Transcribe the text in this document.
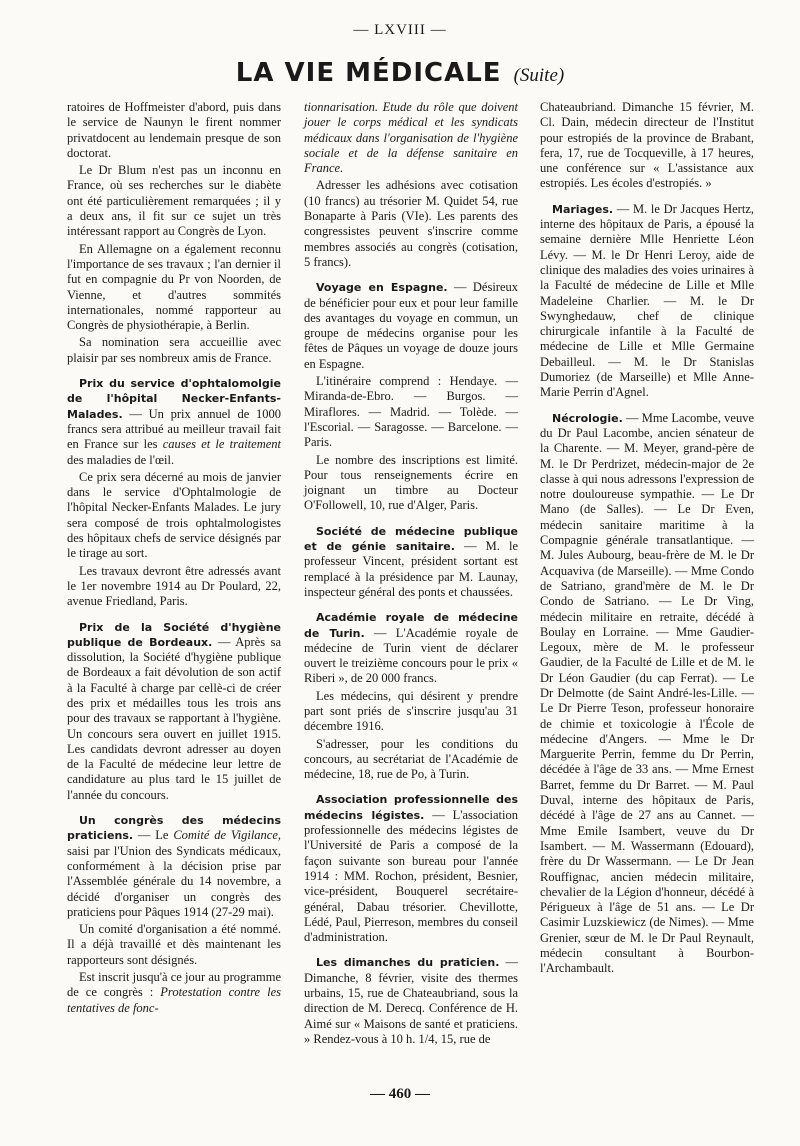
— LXVIII —
LA VIE MÉDICALE (Suite)

ratoires de Hoffmeister d'abord, puis dans le service de Naunyn le firent nommer privatdocent au lendemain presque de son doctorat.

Le Dr Blum n'est pas un inconnu en France, où ses recherches sur le diabète ont été particulièrement remarquées ; il y a deux ans, il fit sur ce sujet un très intéressant rapport au Congrès de Lyon.

En Allemagne on a également reconnu l'importance de ses travaux ; l'an dernier il fut en compagnie du Pr von Noorden, de Vienne, et d'autres sommités internationales, nommé rapporteur au Congrès de physiothérapie, à Berlin.

Sa nomination sera accueillie avec plaisir par ses nombreux amis de France.

Prix du service d'ophtalomolgie de l'hôpital Necker-Enfants-Malades. — Un prix annuel de 1000 francs sera attribué au meilleur travail fait en France sur les causes et le traitement des maladies de l'œil.

Ce prix sera décerné au mois de janvier dans le service d'Ophtalmologie de l'hôpital Necker-Enfants Malades. Le jury sera composé de trois ophtalmologistes des hôpitaux chefs de service désignés par le tirage au sort.

Les travaux devront être adressés avant le 1er novembre 1914 au Dr Poulard, 22, avenue Friedland, Paris.

Prix de la Société d'hygiène publique de Bordeaux. — Après sa dissolution, la Société d'hygiène publique de Bordeaux a fait dévolution de son actif à la Faculté à charge par cellè-ci de créer des prix et médailles tous les trois ans pour des travaux se rapportant à l'hygiène. Un concours sera ouvert en juillet 1915. Les candidats devront adresser au doyen de la Faculté de médecine leur lettre de candidature au plus tard le 15 juillet de l'année du concours.

Un congrès des médecins praticiens. — Le Comité de Vigilance, saisi par l'Union des Syndicats médicaux, conformément à la décision prise par l'Assemblée générale du 14 novembre, a décidé d'organiser un congrès des praticiens pour Pâques 1914 (27-29 mai).

Un comité d'organisation a été nommé. Il a déjà travaillé et dès maintenant les rapporteurs sont désignés.

Est inscrit jusqu'à ce jour au programme de ce congrès : Protestation contre les tentatives de fonc-

tionnarisation. Etude du rôle que doivent jouer le corps médical et les syndicats médicaux dans l'organisation de l'hygiène sociale et de la défense sanitaire en France.

Adresser les adhésions avec cotisation (10 francs) au trésorier M. Quidet 54, rue Bonaparte à Paris (VIe). Les parents des congressistes peuvent s'inscrire comme membres associés au congrès (cotisation, 5 francs).

Voyage en Espagne. — Désireux de bénéficier pour eux et pour leur famille des avantages du voyage en commun, un groupe de médecins organise pour les fêtes de Pâques un voyage de douze jours en Espagne.

L'itinéraire comprend : Hendaye. — Miranda-de-Ebro. — Burgos. — Miraflores. — Madrid. — Tolède. — l'Escorial. — Saragosse. — Barcelone. — Paris.

Le nombre des inscriptions est limité. Pour tous renseignements écrire en joignant un timbre au Docteur O'Followell, 10, rue d'Alger, Paris.

Société de médecine publique et de génie sanitaire. — M. le professeur Vincent, président sortant est remplacé à la présidence par M. Launay, inspecteur général des ponts et chaussées.

Académie royale de médecine de Turin. — L'Académie royale de médecine de Turin vient de déclarer ouvert le treizième concours pour le prix « Riberi », de 20 000 francs.

Les médecins, qui désirent y prendre part sont priés de s'inscrire jusqu'au 31 décembre 1916.

S'adresser, pour les conditions du concours, au secrétariat de l'Académie de médecine, 18, rue de Po, à Turin.

Association professionnelle des médecins légistes. — L'association professionnelle des médecins légistes de l'Université de Paris a composé de la façon suivante son bureau pour l'année 1914 : MM. Rochon, président, Besnier, vice-président, Bouquerel secrétaire-général, Dabau trésorier. Chevillotte, Lédé, Paul, Pierreson, membres du conseil d'administration.

Les dimanches du praticien. — Dimanche, 8 février, visite des thermes urbains, 15, rue de Chateaubriand, sous la direction de M. Derecq. Conférence de H. Aimé sur « Maisons de santé et praticiens. » Rendez-vous à 10 h. 1/4, 15, rue de

Chateaubriand. Dimanche 15 février, M. Cl. Dain, médecin directeur de l'Institut pour estropiés de la province de Brabant, fera, 17, rue de Tocqueville, à 17 heures, une conférence sur « L'assistance aux estropiés. Les écoles d'estropiés. »

Mariages. — M. le Dr Jacques Hertz, interne des hôpitaux de Paris, a épousé la semaine dernière Mlle Henriette Léon Lévy. — M. le Dr Henri Leroy, aide de clinique des maladies des voies urinaires à la Faculté de médecine de Lille et Mlle Madeleine Charlier. — M. le Dr Swynghedauw, chef de clinique chirurgicale infantile à la Faculté de médecine de Lille et Mlle Germaine Debailleul. — M. le Dr Stanislas Dumoriez (de Marseille) et Mlle Anne-Marie Perrin d'Agnel.

Nécrologie. — Mme Lacombe, veuve du Dr Paul Lacombe, ancien sénateur de la Charente. — M. Meyer, grand-père de M. le Dr Perdrizet, médecin-major de 2e classe à qui nous adressons l'expression de notre douloureuse sympathie. — Le Dr Mano (de Salles). — Le Dr Even, médecin sanitaire maritime à la Compagnie générale transatlantique. — M. Jules Aubourg, beau-frère de M. le Dr Acquaviva (de Marseille). — Mme Condo de Satriano, grand'mère de M. le Dr Condo de Satriano. — Le Dr Ving, médecin militaire en retraite, décédé à Boulay en Lorraine. — Mme Gaudier-Legoux, mère de M. le professeur Gaudier, de la Faculté de Lille et de M. le Dr Léon Gaudier (du cap Ferrat). — Le Dr Delmotte (de Saint André-les-Lille. — Le Dr Pierre Teson, professeur honoraire de chimie et toxicologie à l'École de médecine d'Angers. — Mme le Dr Marguerite Perrin, femme du Dr Perrin, décédée à l'âge de 33 ans. — Mme Ernest Barret, femme du Dr Barret. — M. Paul Duval, interne des hôpitaux de Paris, décédé à l'âge de 27 ans au Cannet. — Mme Emile Isambert, veuve du Dr Isambert. — M. Wassermann (Edouard), frère du Dr Wassermann. — Le Dr Jean Rouffignac, ancien médecin militaire, chevalier de la Légion d'honneur, décédé à Périgueux à l'âge de 51 ans. — Le Dr Casimir Luzskiewicz (de Nimes). — Mme Grenier, sœur de M. le Dr Paul Reynault, médecin consultant à Bourbon-l'Archambault.

— 460 —
